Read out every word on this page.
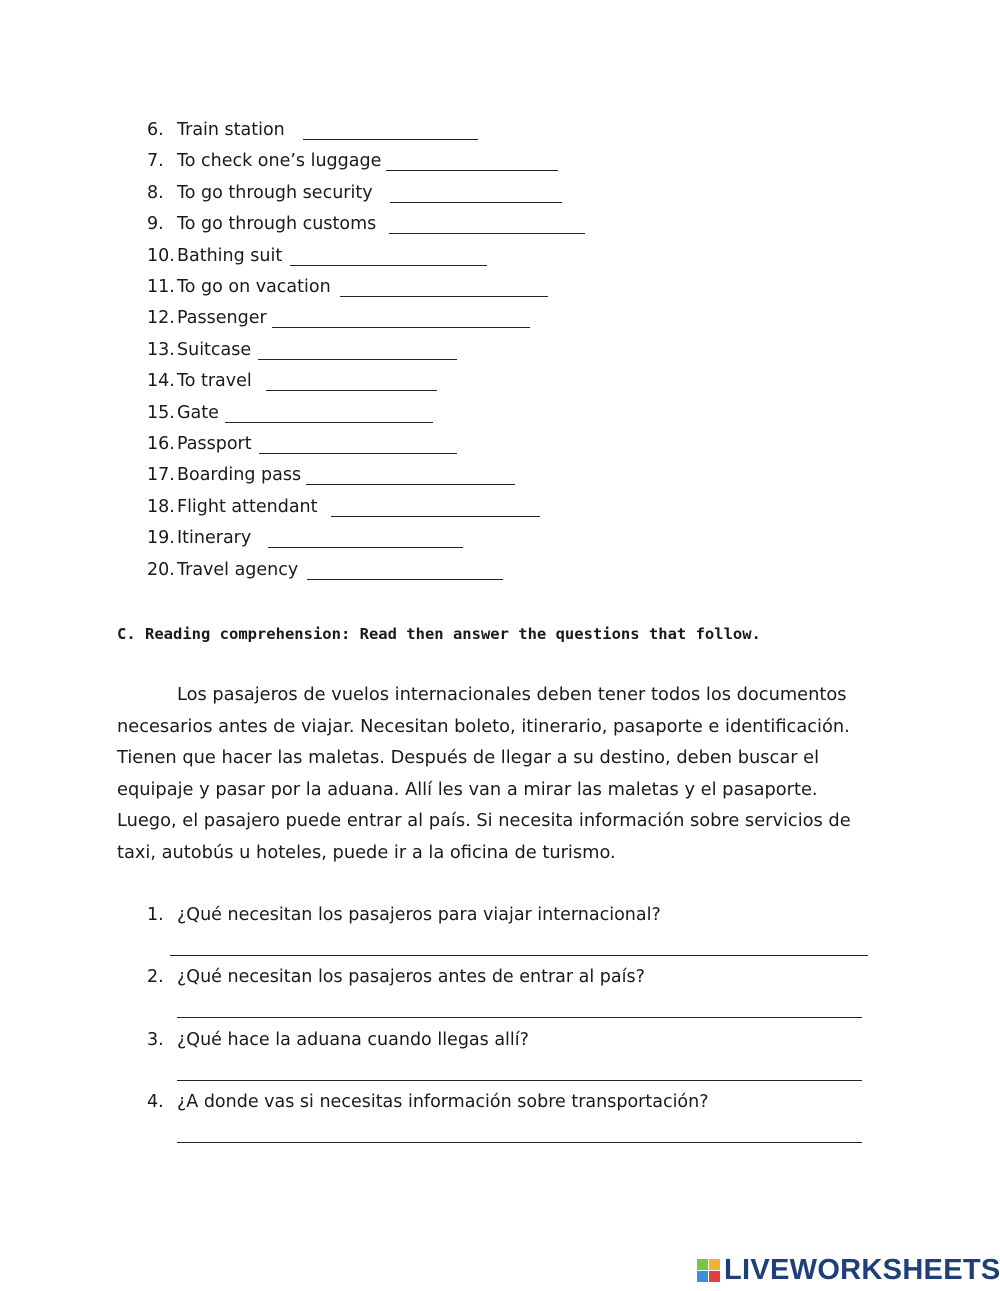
6. Train station
7. To check one’s luggage
8. To go through security
9. To go through customs
10. Bathing suit
11. To go on vacation
12. Passenger
13. Suitcase
14. To travel
15. Gate
16. Passport
17. Boarding pass
18. Flight attendant
19. Itinerary
20. Travel agency
C. Reading comprehension: Read then answer the questions that follow.
Los pasajeros de vuelos internacionales deben tener todos los documentos
necesarios antes de viajar. Necesitan boleto, itinerario, pasaporte e identificación.
Tienen que hacer las maletas. Después de llegar a su destino, deben buscar el
equipaje y pasar por la aduana. Allí les van a mirar las maletas y el pasaporte.
Luego, el pasajero puede entrar al país. Si necesita información sobre servicios de
taxi, autobús u hoteles, puede ir a la oficina de turismo.
1. ¿Qué necesitan los pasajeros para viajar internacional?
2. ¿Qué necesitan los pasajeros antes de entrar al país?
3. ¿Qué hace la aduana cuando llegas allí?
4. ¿A donde vas si necesitas información sobre transportación?
LIVEWORKSHEETS
